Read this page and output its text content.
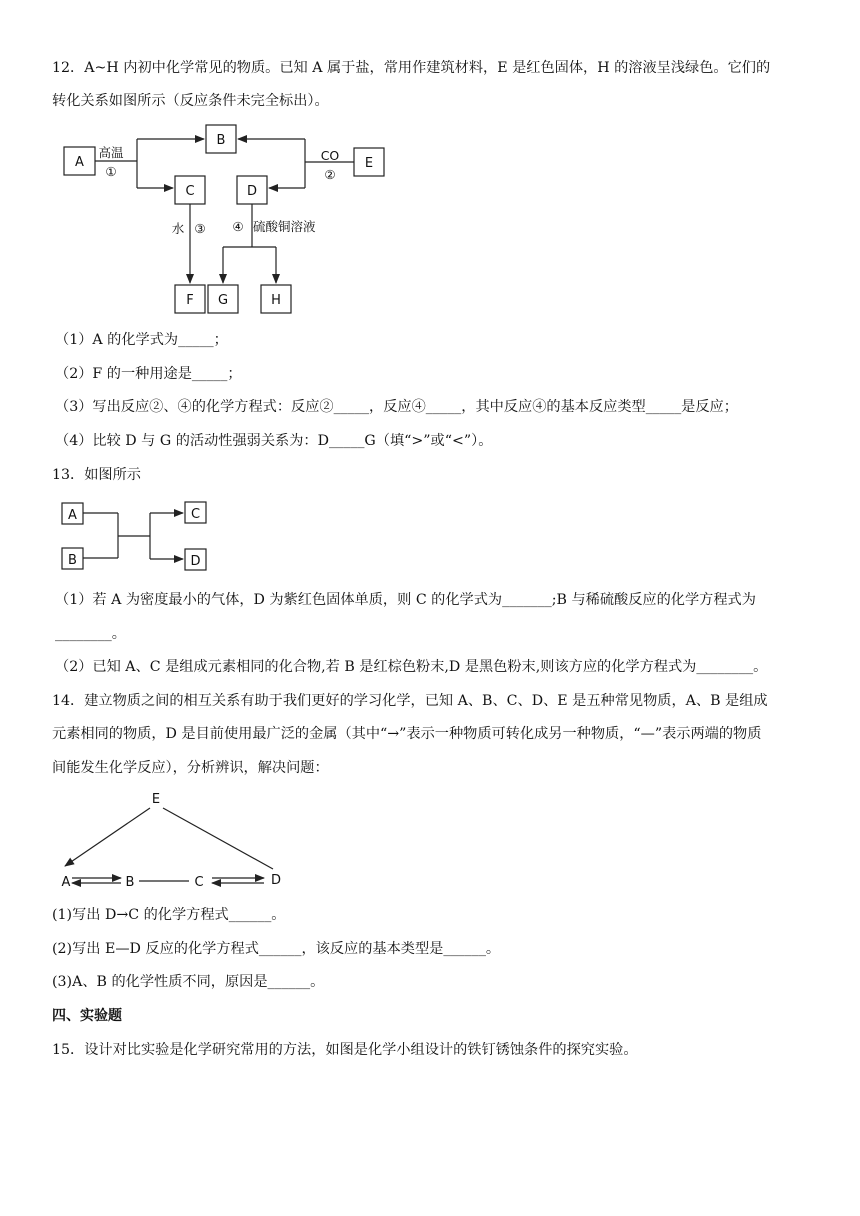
12．A~H 内初中化学常见的物质。已知 A 属于盐，常用作建筑材料，E 是红色固体，H 的溶液呈浅绿色。它们的
转化关系如图所示（反应条件未完全标出）。
A
B
C	D
E
F G	H
高温
①
CO
②
水 ③ ④ 硫酸铜溶液
（1）A 的化学式为_____；
（2）F 的一种用途是_____；
（3）写出反应②、④的化学方程式：反应②_____，反应④_____，其中反应④的基本反应类型_____是反应；
（4）比较 D 与 G 的活动性强弱关系为：D_____G（填“>”或“<”）。
13．如图所示
A
B
C
D
（1）若 A 为密度最小的气体，D 为紫红色固体单质，则 C 的化学式为_______;B 与稀硫酸反应的化学方程式为
________。
（2）已知 A、C 是组成元素相同的化合物,若 B 是红棕色粉末,D 是黑色粉末,则该方应的化学方程式为________。
14．建立物质之间的相互关系有助于我们更好的学习化学，已知 A、B、C、D、E 是五种常见物质，A、B 是组成
元素相同的物质，D 是目前使用最广泛的金属（其中“→”表示一种物质可转化成另一种物质，“—”表示两端的物质
间能发生化学反应），分析辨识，解决问题：
E
A	B	C	D
(1)写出 D→C 的化学方程式______。
(2)写出 E—D 反应的化学方程式______，该反应的基本类型是______。
(3)A、B 的化学性质不同，原因是______。
四、实验题
15．设计对比实验是化学研究常用的方法，如图是化学小组设计的铁钉锈蚀条件的探究实验。
